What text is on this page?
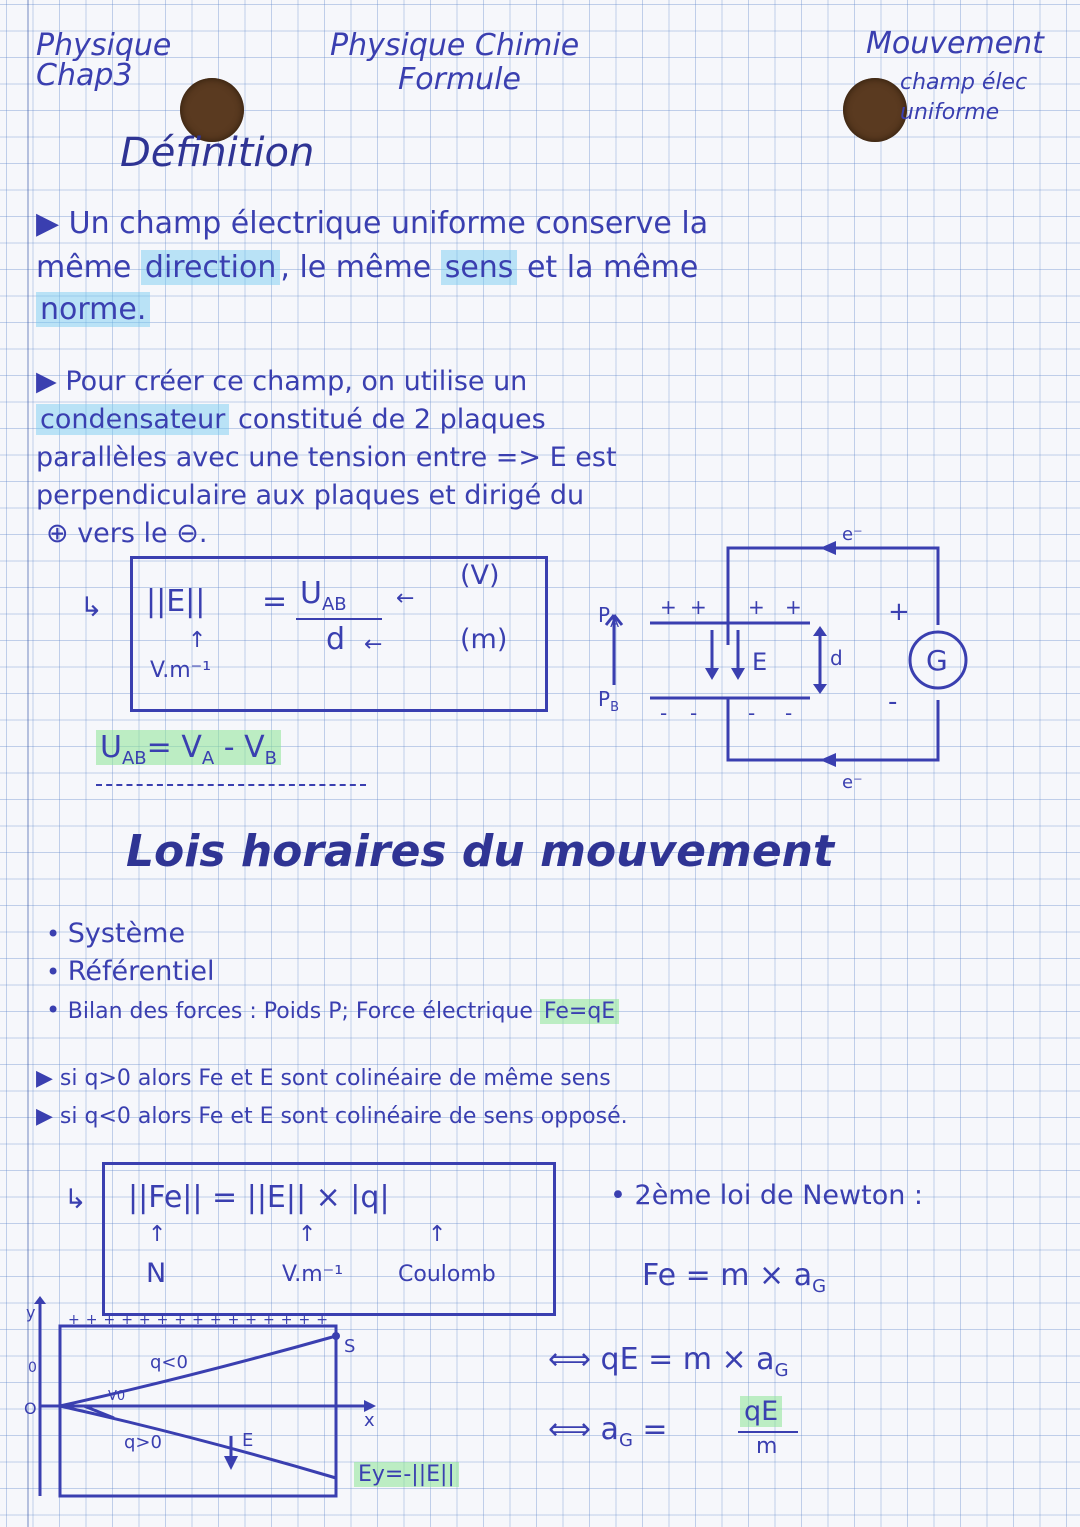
Physique
Chap3
Physique Chimie
Formule
Mouvement
champ élec
uniforme
Définition
▶ Un champ électrique uniforme conserve la
même direction , le même sens et la même
norme.
▶ Pour créer ce champ, on utilise un
condensateur constitué de 2 plaques
parallèles avec une tension entre => E est
perpendiculaire aux plaques et dirigé du
⊕ vers le ⊖.
↳ $||E|| = U_{AB}$
d
←
(V)
←	(m)
↑
V.m⁻¹
$U_{AB}= V_A - V_B$
$P_A$
$P_B$
+ + + +
- -	- -
E	d	G
+
-
e⁻
e⁻
Lois horaires du mouvement
• Système
• Référentiel
• Bilan des forces : Poids P; Force électrique Fe=qE
▶ si q>0 alors Fe et E sont colinéaire de même sens
▶ si q<0 alors Fe et E sont colinéaire de sens opposé.
↳ ||Fe|| = ||E|| × |q|
↑	↑	↑
N	V.m⁻¹ Coulomb
• 2ème loi de Newton :
$Fe = m \times a_G$
⟺ qE = $m \times a_G$
⟺ $a_G$ =
qE
m
y
x
S
O
V0
q<0
q>0	E
0
+++++++++++++++
Ey=-||E||
